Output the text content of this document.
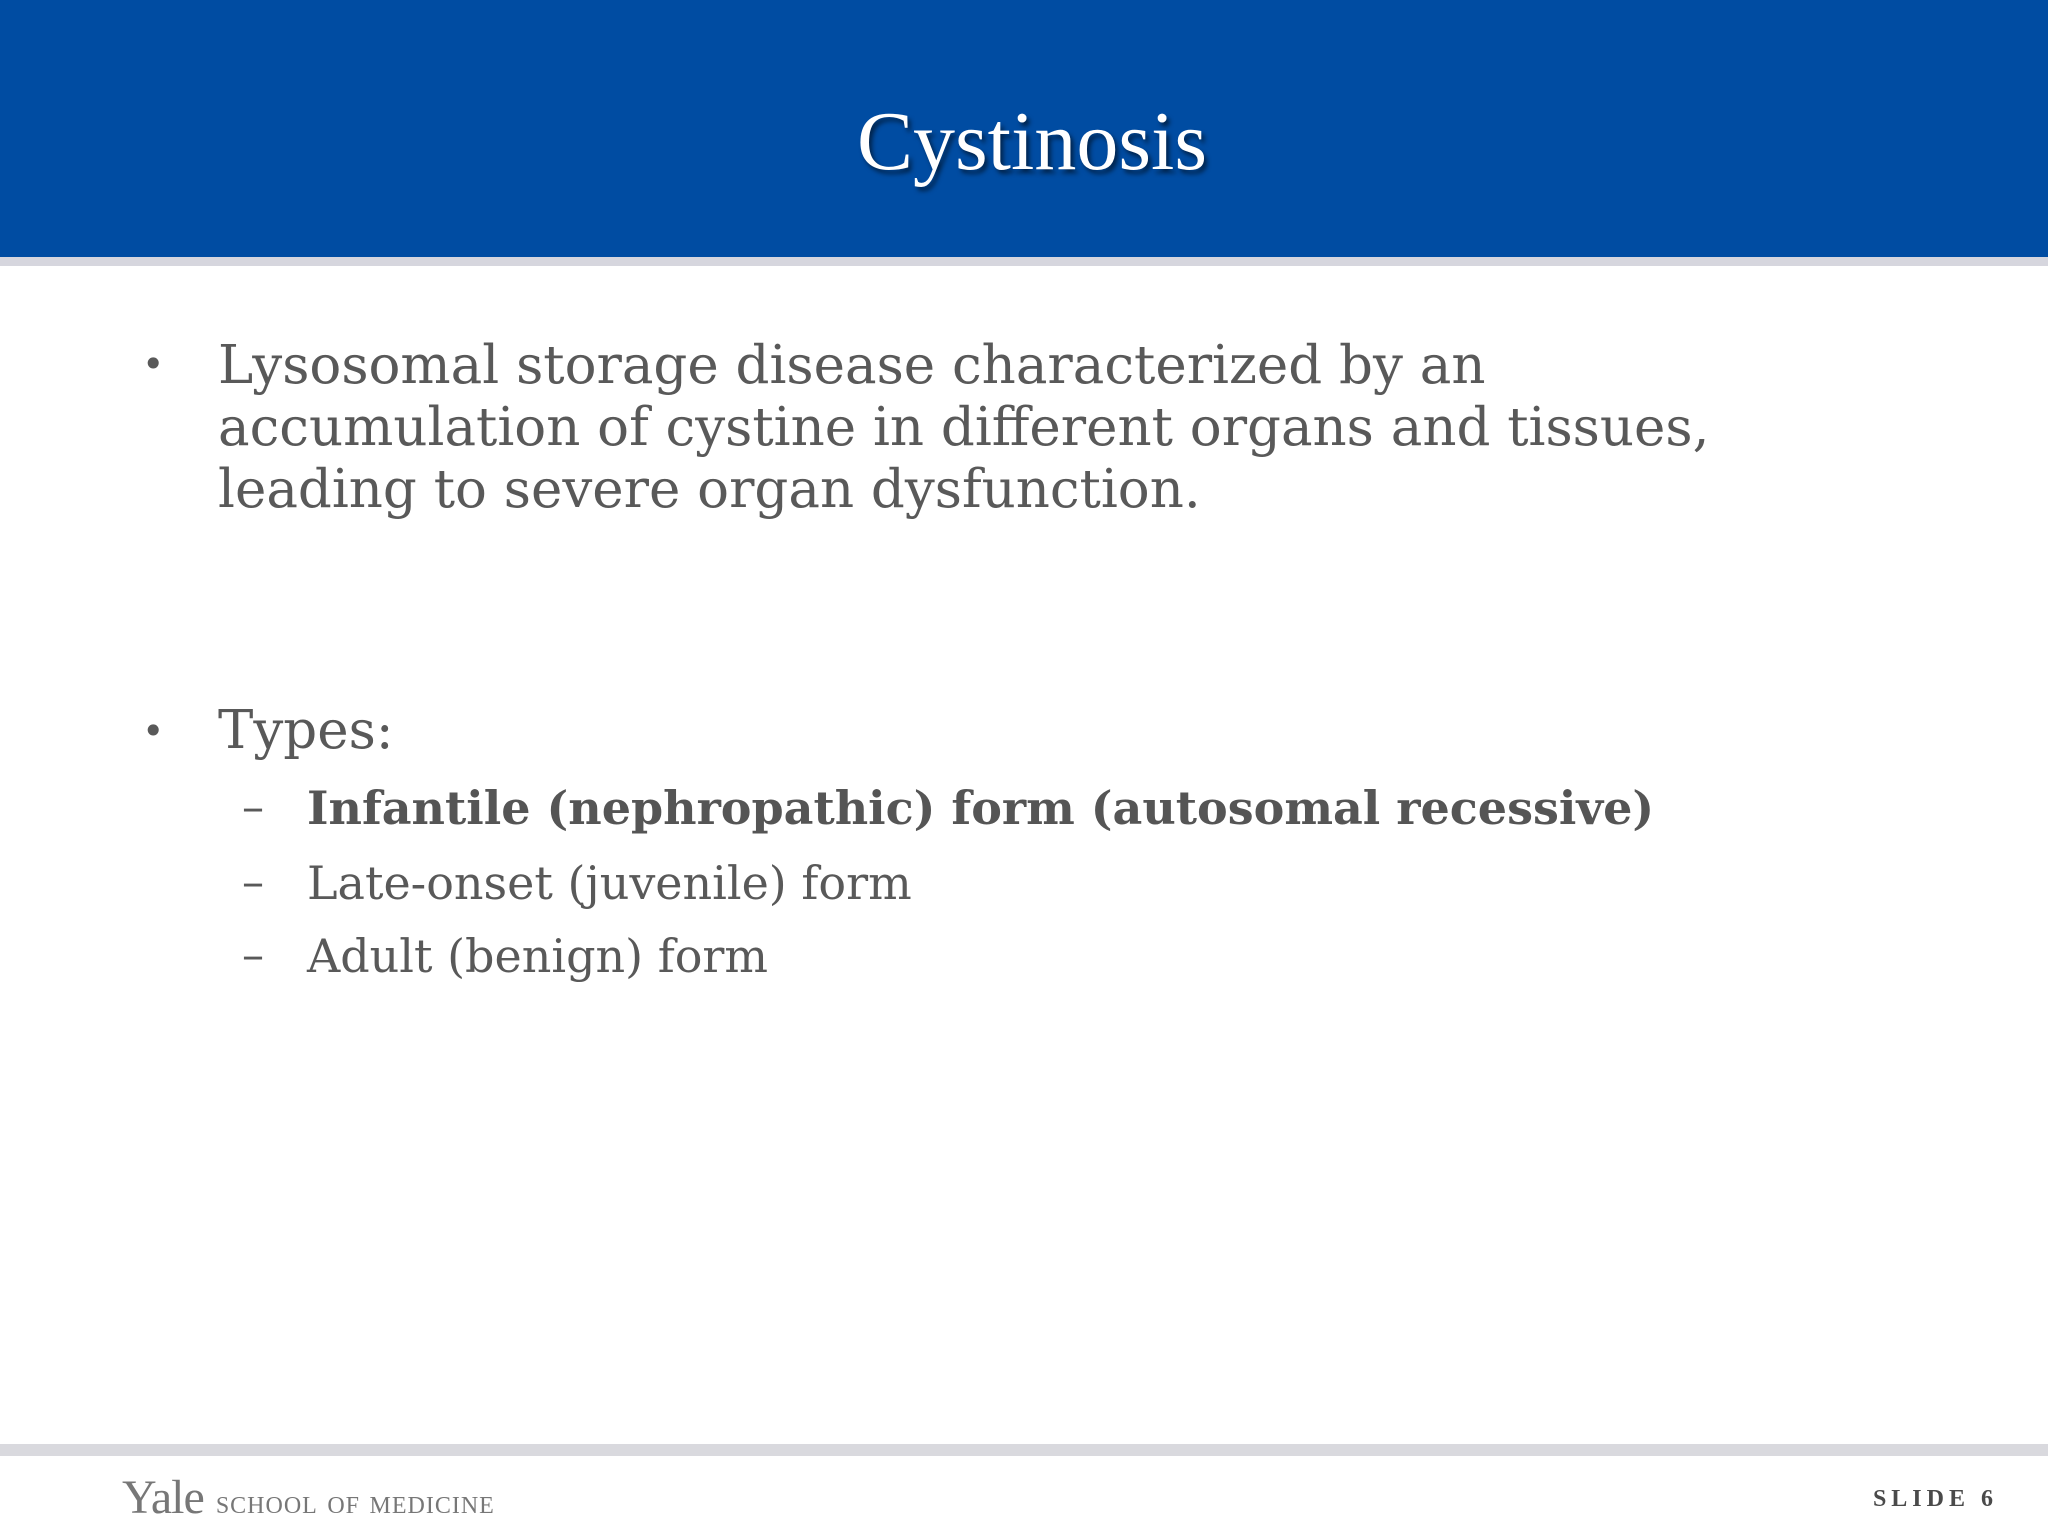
Cystinosis
• Lysosomal storage disease characterized by an accumulation of cystine in different organs and tissues, leading to severe organ dysfunction.
• Types:
– Infantile (nephropathic) form (autosomal recessive)
– Late-onset (juvenile) form
– Adult (benign) form
Yale school of medicine	SLIDE 6
